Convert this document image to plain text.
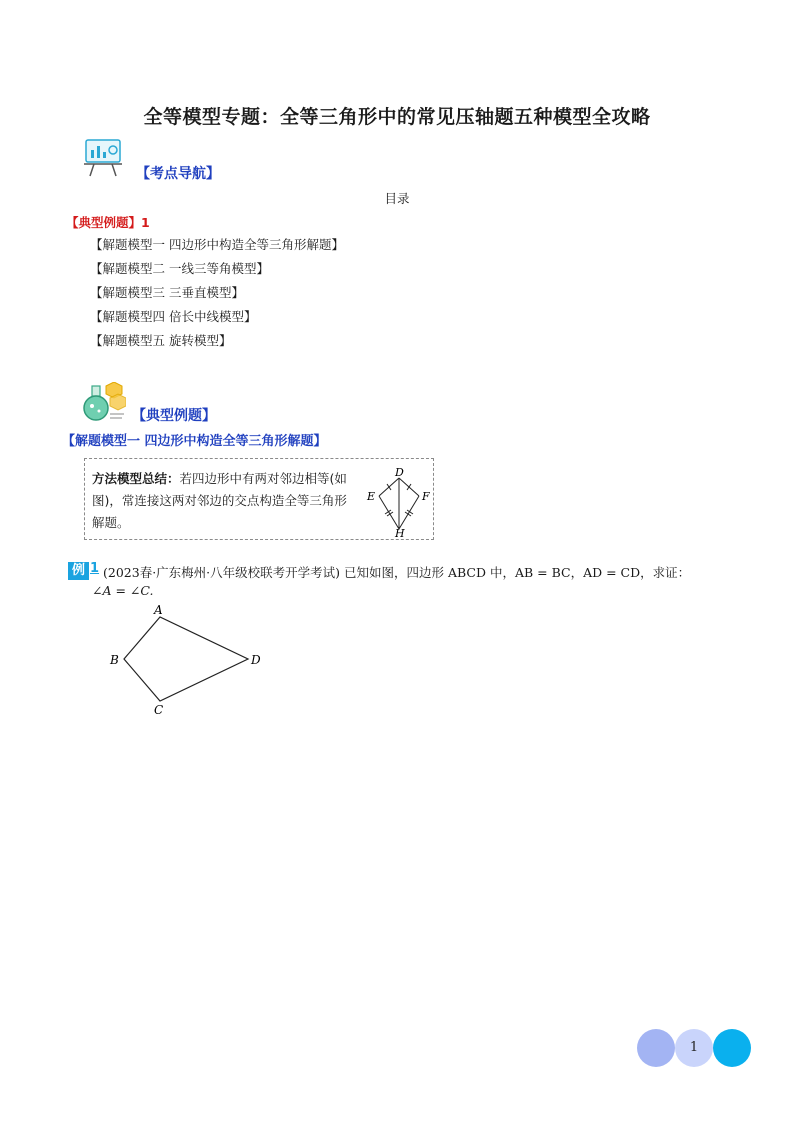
全等模型专题：全等三角形中的常见压轴题五种模型全攻略
【考点导航】
目录
【典型例题】1
【解题模型一 四边形中构造全等三角形解题】
【解题模型二 一线三等角模型】
【解题模型三 三垂直模型】
【解题模型四 倍长中线模型】
【解题模型五 旋转模型】
【典型例题】
【解题模型一 四边形中构造全等三角形解题】
方法模型总结：若四边形中有两对邻边相等(如图)，常连接这两对邻边的交点构造全等三角形解题。
D
E	F
H
例 1 (2023春·广东梅州·八年级校联考开学考试) 已知如图，四边形 ABCD 中，AB = BC，AD = CD，求证：
∠A = ∠C.
A
B
C
D
1
